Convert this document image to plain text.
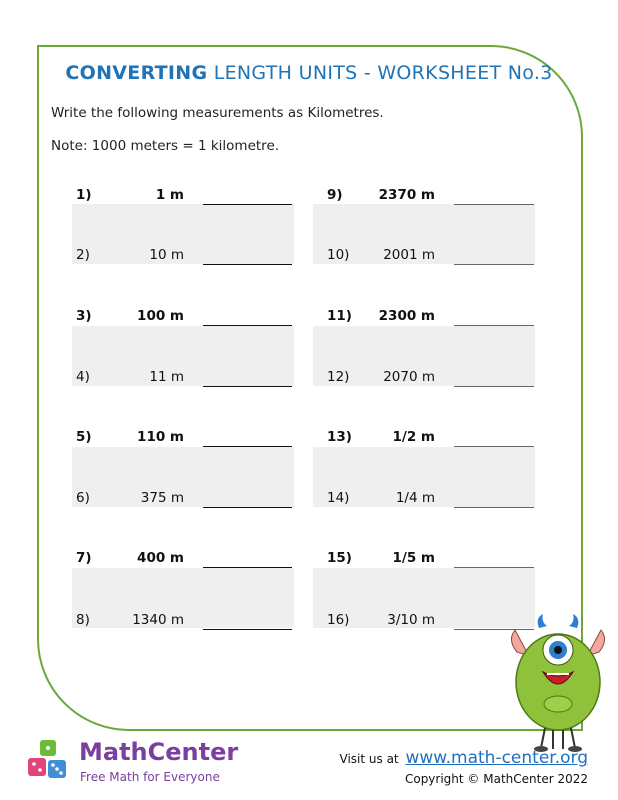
CONVERTING LENGTH UNITS - WORKSHEET No.3
Write the following measurements as Kilometres.
Note: 1000 meters = 1 kilometre.
1)	1 m
2)	10 m
3)	100 m
4)	11 m
5)	110 m
6)	375 m
7)	400 m
8)	1340 m
9)	2370 m
10)	2001 m
11)	2300 m
12)	2070 m
13)	1/2 m
14)	1/4 m
15)	1/5 m
16)	3/10 m
MathCenter
Free Math for Everyone
Visit us at www.math-center.org
Copyright © MathCenter 2022
